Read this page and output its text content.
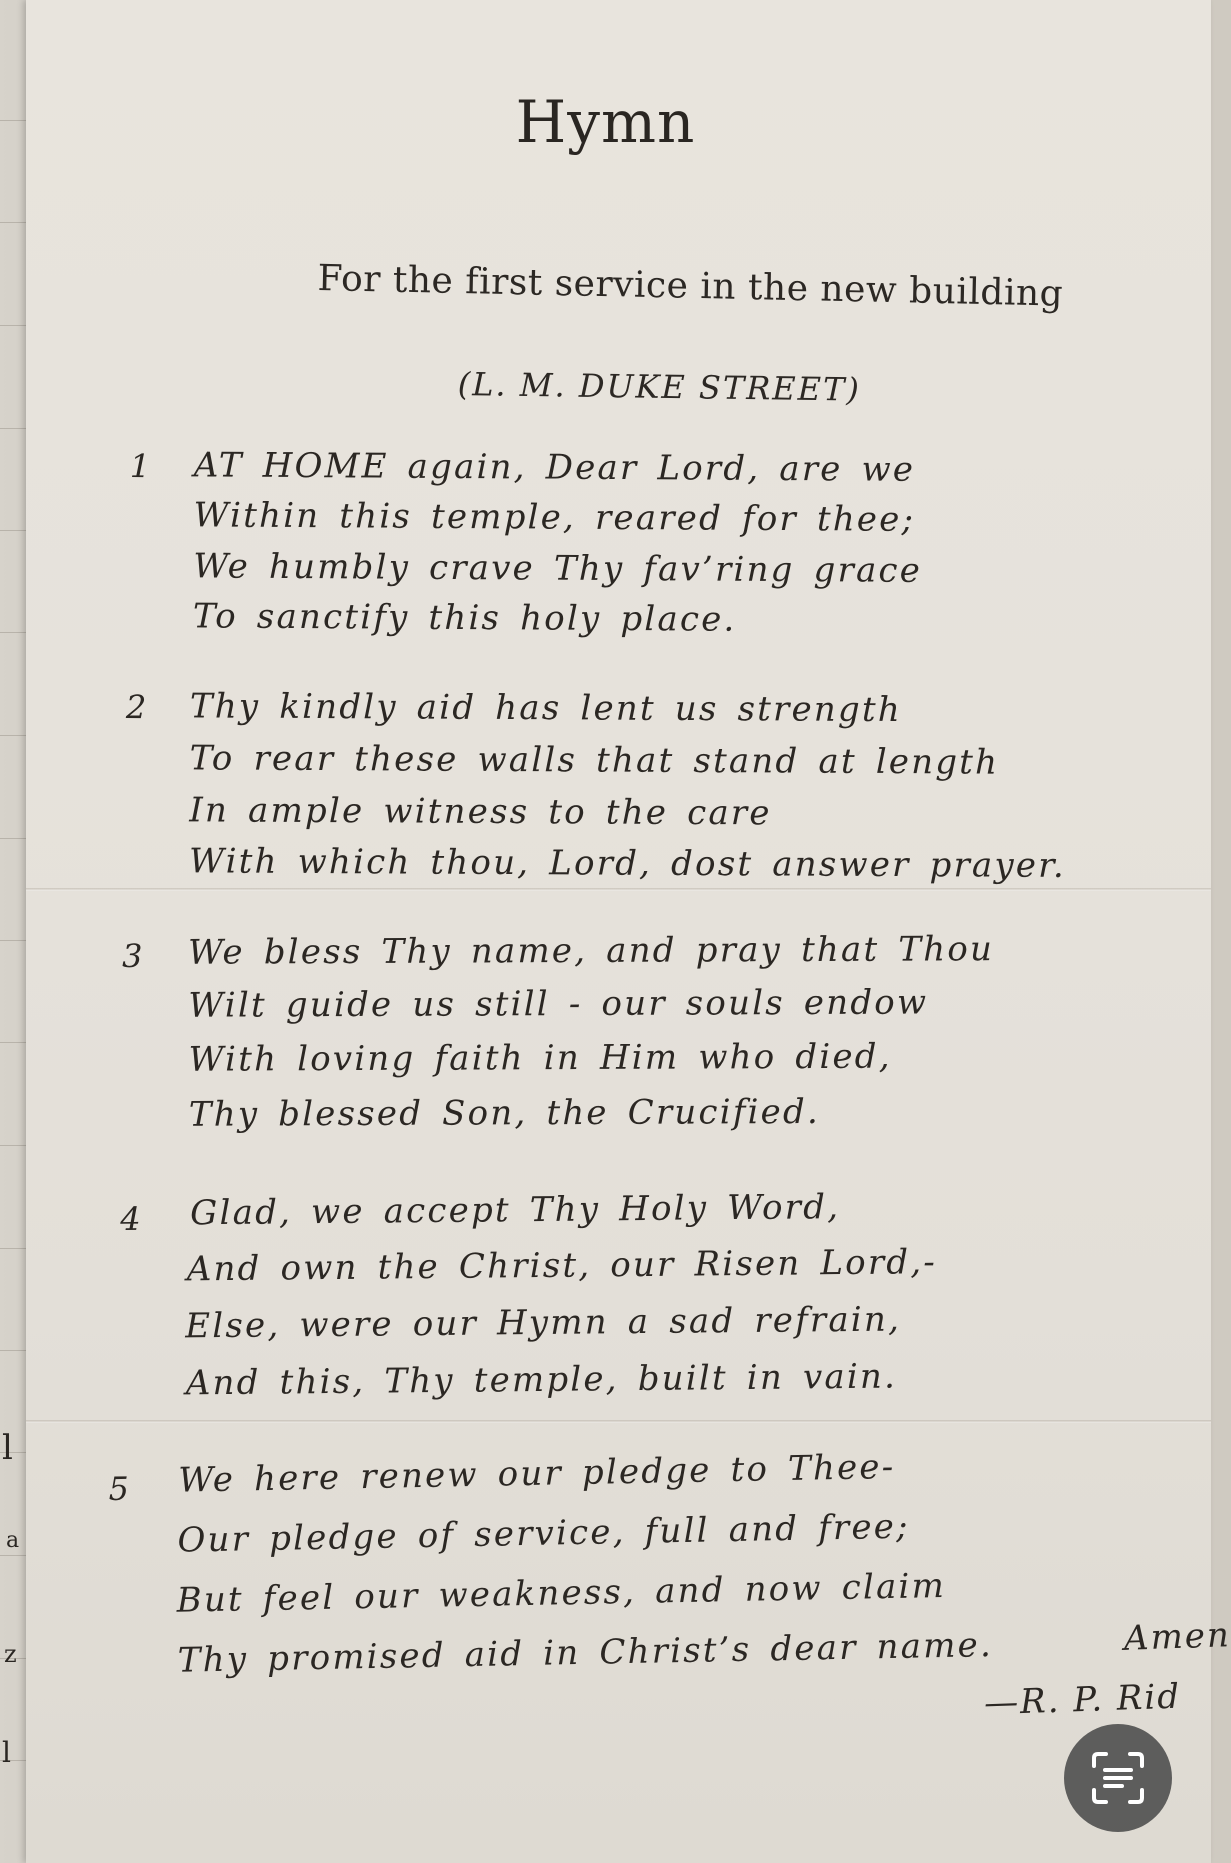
l
a
z
l
Hymn
For the first service in the new building
(L. M. DUKE STREET)
1 AT HOME again, Dear Lord, are we
Within this temple, reared for thee;
We humbly crave Thy fav’ring grace
To sanctify this holy place.
2 Thy kindly aid has lent us strength
To rear these walls that stand at length
In ample witness to the care
With which thou, Lord, dost answer prayer.
3 We bless Thy name, and pray that Thou
Wilt guide us still - our souls endow
With loving faith in Him who died,
Thy blessed Son, the Crucified.
4 Glad, we accept Thy Holy Word,
And own the Christ, our Risen Lord,-
Else, were our Hymn a sad refrain,
And this, Thy temple, built in vain.
5 We here renew our pledge to Thee-
Our pledge of service, full and free;
But feel our weakness, and now claim
Thy promised aid in Christ’s dear name.	Amen
—R. P. Rid
